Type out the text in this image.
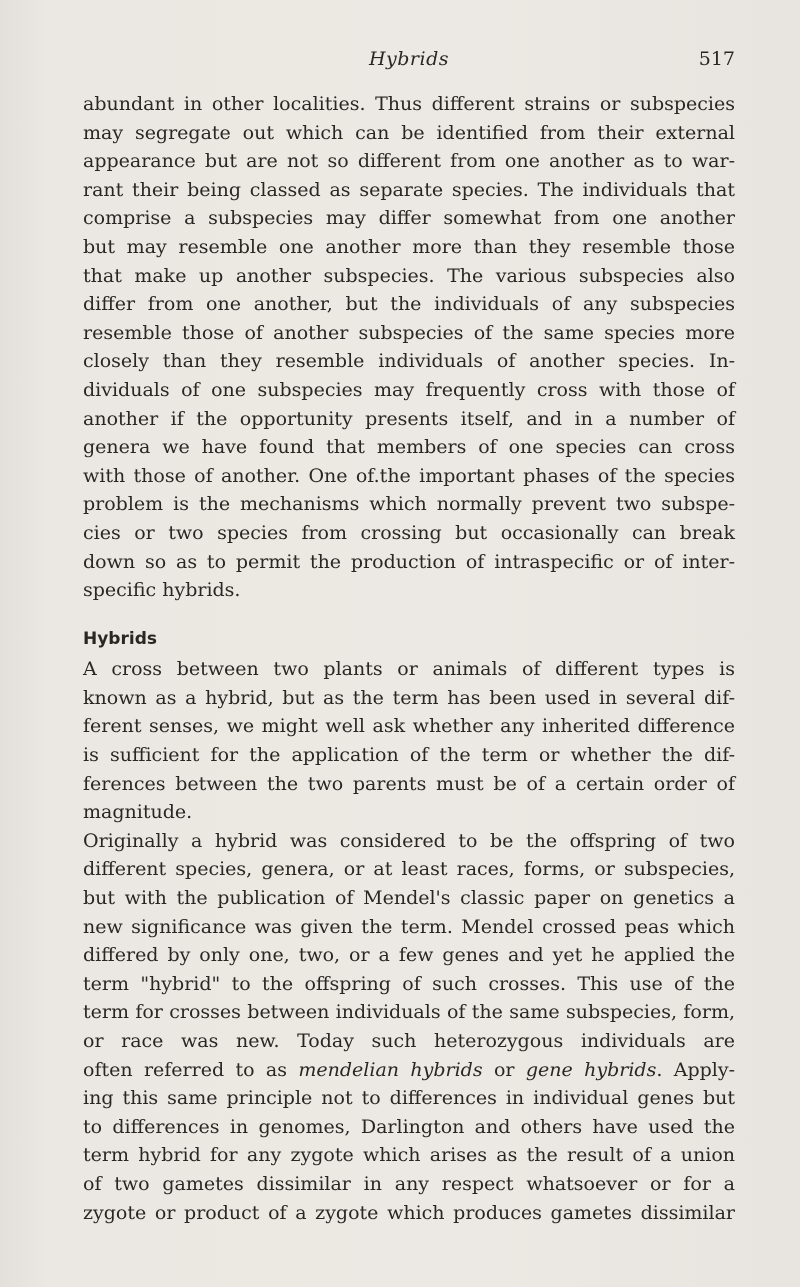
Hybrids	517
abundant in other localities. Thus different strains or subspecies
may segregate out which can be identified from their external
appearance but are not so different from one another as to war-
rant their being classed as separate species. The individuals that
comprise a subspecies may differ somewhat from one another
but may resemble one another more than they resemble those
that make up another subspecies. The various subspecies also
differ from one another, but the individuals of any subspecies
resemble those of another subspecies of the same species more
closely than they resemble individuals of another species. In-
dividuals of one subspecies may frequently cross with those of
another if the opportunity presents itself, and in a number of
genera we have found that members of one species can cross
with those of another. One of.the important phases of the species
problem is the mechanisms which normally prevent two subspe-
cies or two species from crossing but occasionally can break
down so as to permit the production of intraspecific or of inter-
specific hybrids.
Hybrids
A cross between two plants or animals of different types is
known as a hybrid, but as the term has been used in several dif-
ferent senses, we might well ask whether any inherited difference
is sufficient for the application of the term or whether the dif-
ferences between the two parents must be of a certain order of
magnitude.
Originally a hybrid was considered to be the offspring of two
different species, genera, or at least races, forms, or subspecies,
but with the publication of Mendel's classic paper on genetics a
new significance was given the term. Mendel crossed peas which
differed by only one, two, or a few genes and yet he applied the
term "hybrid" to the offspring of such crosses. This use of the
term for crosses between individuals of the same subspecies, form,
or race was new. Today such heterozygous individuals are
often referred to as mendelian hybrids or gene hybrids. Apply-
ing this same principle not to differences in individual genes but
to differences in genomes, Darlington and others have used the
term hybrid for any zygote which arises as the result of a union
of two gametes dissimilar in any respect whatsoever or for a
zygote or product of a zygote which produces gametes dissimilar
